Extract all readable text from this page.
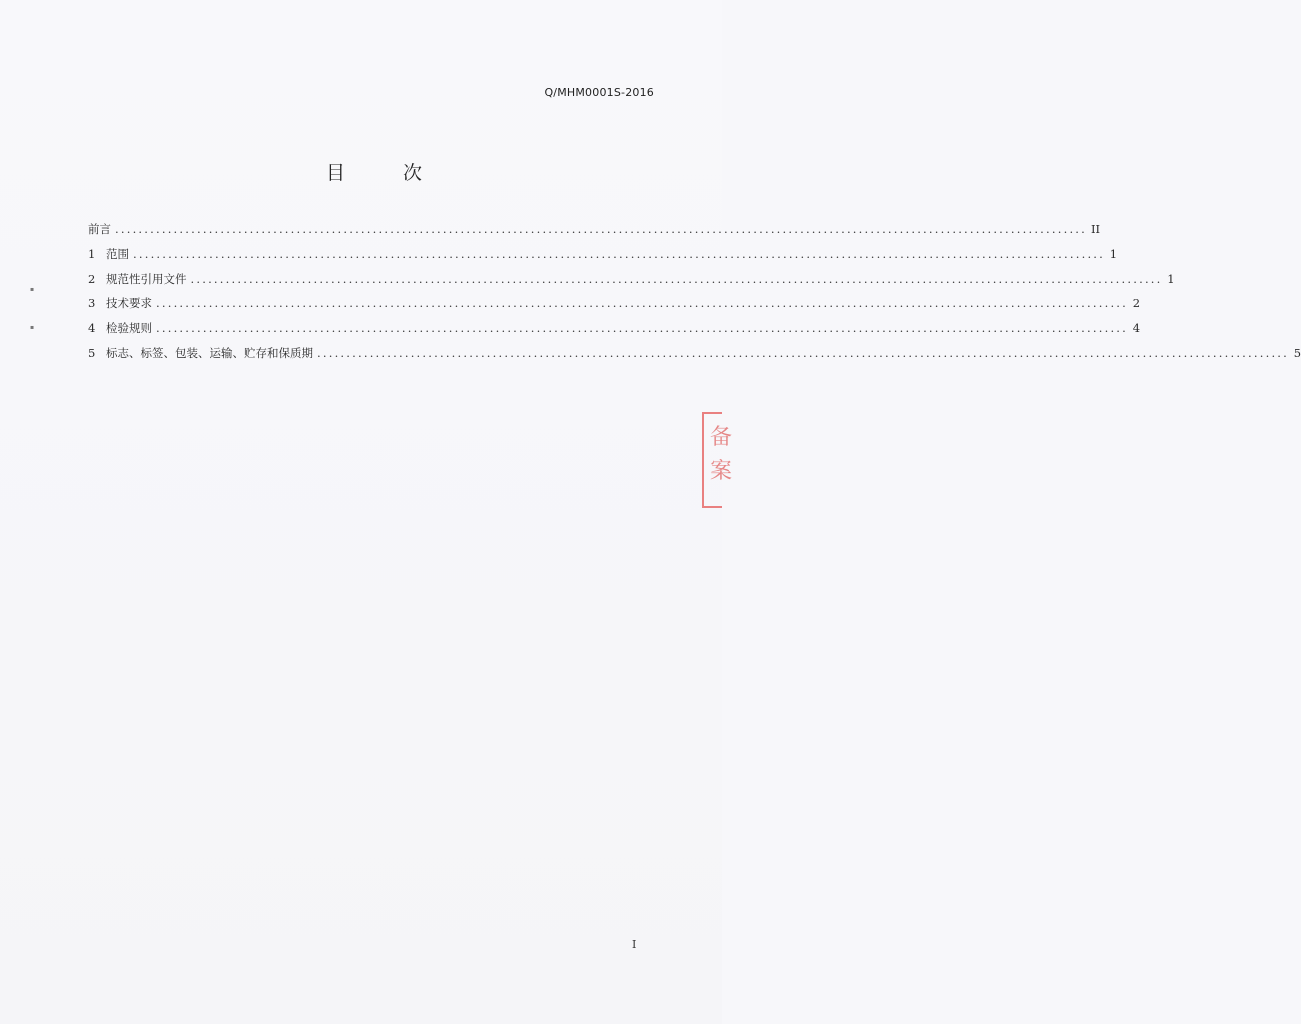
Q/MHM0001S-2016
目 次
前言 .....	II
1 范围 .....	1
2 规范性引用文件 .....	1
3 技术要求 .....	2
4 检验规则 .....	4
5 标志、标签、包装、运输、贮存和保质期 .....	5
▪
▪
备
案
I
